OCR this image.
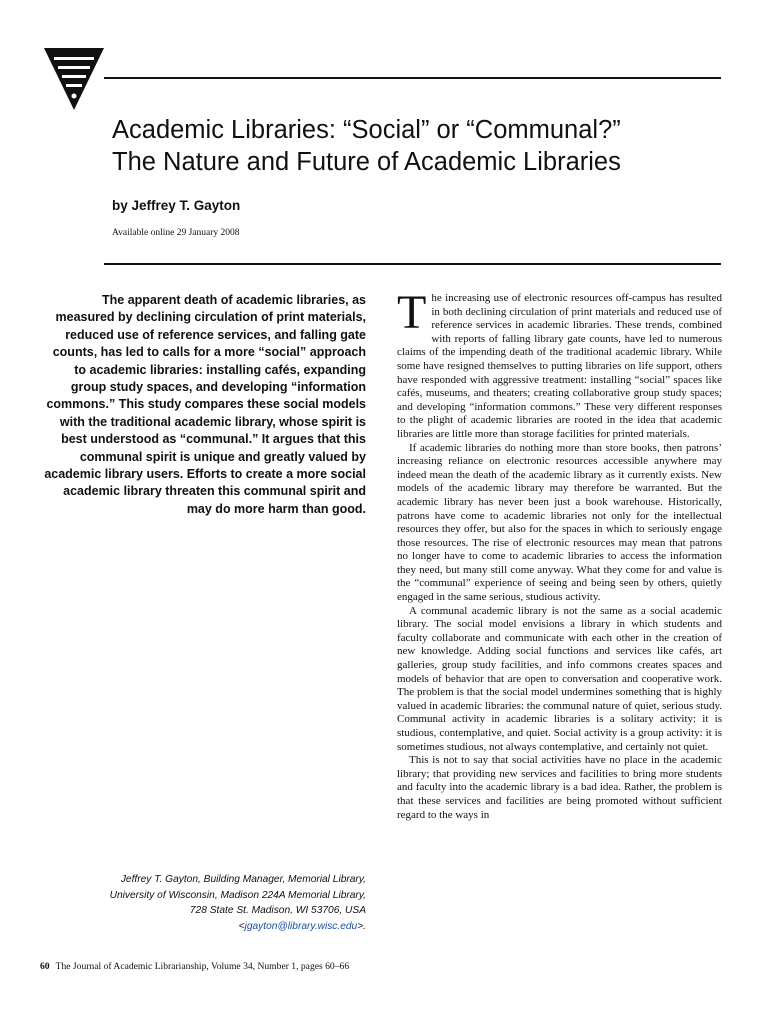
Academic Libraries: “Social” or “Communal?”
The Nature and Future of Academic Libraries
by Jeffrey T. Gayton
Available online 29 January 2008

The apparent death of academic libraries, as measured by declining circulation of print materials, reduced use of reference services, and falling gate counts, has led to calls for a more “social” approach to academic libraries: installing cafés, expanding group study spaces, and developing “information commons.” This study compares these social models with the traditional academic library, whose spirit is best understood as “communal.” It argues that this communal spirit is unique and greatly valued by academic library users. Efforts to create a more social academic library threaten this communal spirit and may do more harm than good.

Jeffrey T. Gayton, Building Manager, Memorial Library,
University of Wisconsin, Madison 224A Memorial Library,
728 State St. Madison, WI 53706, USA
<jgayton@library.wisc.edu>.
60 The Journal of Academic Librarianship, Volume 34, Number 1, pages 60–66

The increasing use of electronic resources off-campus has resulted in both declining circulation of print materials and reduced use of reference services in academic libraries. These trends, combined with reports of falling library gate counts, have led to numerous claims of the impending death of the traditional academic library. While some have resigned themselves to putting libraries on life support, others have responded with aggressive treatment: installing “social” spaces like cafés, museums, and theaters; creating collaborative group study spaces; and developing “information commons.” These very different responses to the plight of academic libraries are rooted in the idea that academic libraries are little more than storage facilities for printed materials.

If academic libraries do nothing more than store books, then patrons’ increasing reliance on electronic resources accessible anywhere may indeed mean the death of the academic library as it currently exists. New models of the academic library may therefore be warranted. But the academic library has never been just a book warehouse. Historically, patrons have come to academic libraries not only for the intellectual resources they offer, but also for the spaces in which to seriously engage those resources. The rise of electronic resources may mean that patrons no longer have to come to academic libraries to access the information they need, but many still come anyway. What they come for and value is the “communal” experience of seeing and being seen by others, quietly engaged in the same serious, studious activity.

A communal academic library is not the same as a social academic library. The social model envisions a library in which students and faculty collaborate and communicate with each other in the creation of new knowledge. Adding social functions and services like cafés, art galleries, group study facilities, and info commons creates spaces and models of behavior that are open to conversation and cooperative work. The problem is that the social model undermines something that is highly valued in academic libraries: the communal nature of quiet, serious study. Communal activity in academic libraries is a solitary activity: it is studious, contemplative, and quiet. Social activity is a group activity: it is sometimes studious, not always contemplative, and certainly not quiet.

This is not to say that social activities have no place in the academic library; that providing new services and facilities to bring more students and faculty into the academic library is a bad idea. Rather, the problem is that these services and facilities are being promoted without sufficient regard to the ways in
